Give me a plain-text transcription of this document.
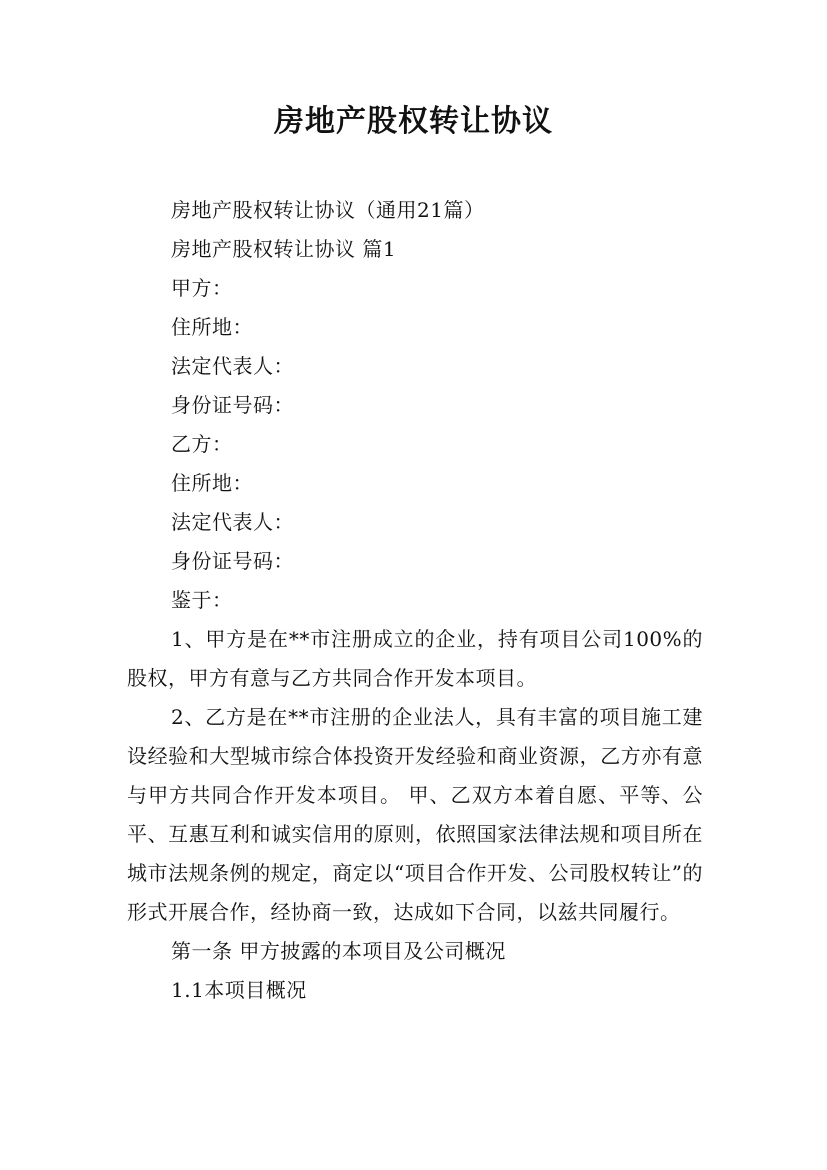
房地产股权转让协议

房地产股权转让协议（通用21篇）

房地产股权转让协议 篇1

甲方：

住所地：

法定代表人：

身份证号码：

乙方：

住所地：

法定代表人：

身份证号码：

鉴于：

1、甲方是在**市注册成立的企业，持有项目公司100%的股权，甲方有意与乙方共同合作开发本项目。

2、乙方是在**市注册的企业法人，具有丰富的项目施工建设经验和大型城市综合体投资开发经验和商业资源，乙方亦有意与甲方共同合作开发本项目。 甲、乙双方本着自愿、平等、公平、互惠互利和诚实信用的原则，依照国家法律法规和项目所在城市法规条例的规定，商定以“项目合作开发、公司股权转让”的形式开展合作，经协商一致，达成如下合同，以兹共同履行。

第一条 甲方披露的本项目及公司概况

1.1本项目概况
